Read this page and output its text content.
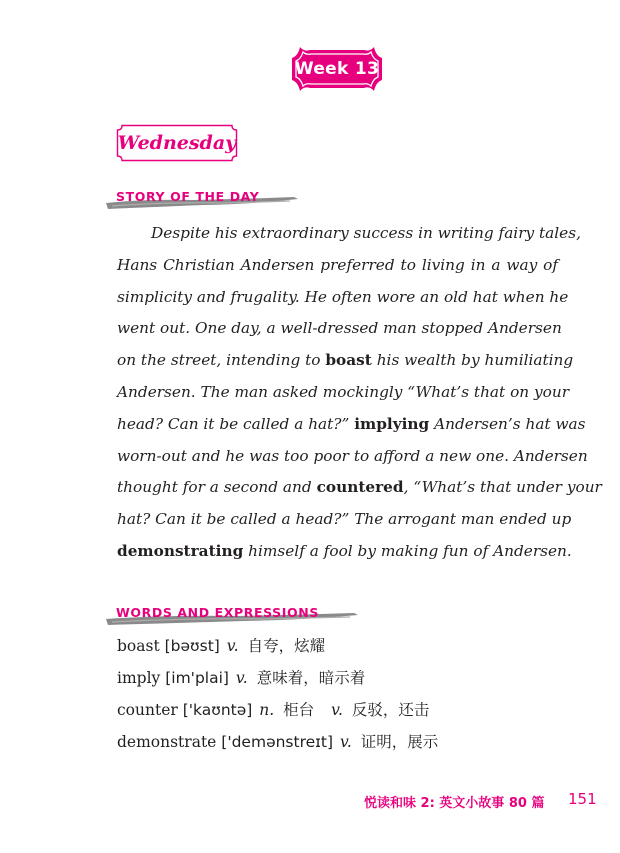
Week 13
Wednesday
STORY OF THE DAY
Despite his extraordinary success in writing fairy tales,
Hans Christian Andersen preferred to living in a way of
simplicity and frugality. He often wore an old hat when he
went out. One day, a well-dressed man stopped Andersen
on the street, intending to boast his wealth by humiliating
Andersen. The man asked mockingly “What’s that on your
head? Can it be called a hat?” implying Andersen’s hat was
worn-out and he was too poor to afford a new one. Andersen
thought for a second and countered, “What’s that under your
hat? Can it be called a head?” The arrogant man ended up
demonstrating himself a fool by making fun of Andersen.
WORDS AND EXPRESSIONS
boast [bəʊst] v. 自夸，炫耀
imply [im'plai] v. 意味着，暗示着
counter ['kaʊntə] n. 柜台 v. 反驳，还击
demonstrate ['demənstreɪt] v. 证明，展示
悦读和味 2: 英文小故事 80 篇 151
